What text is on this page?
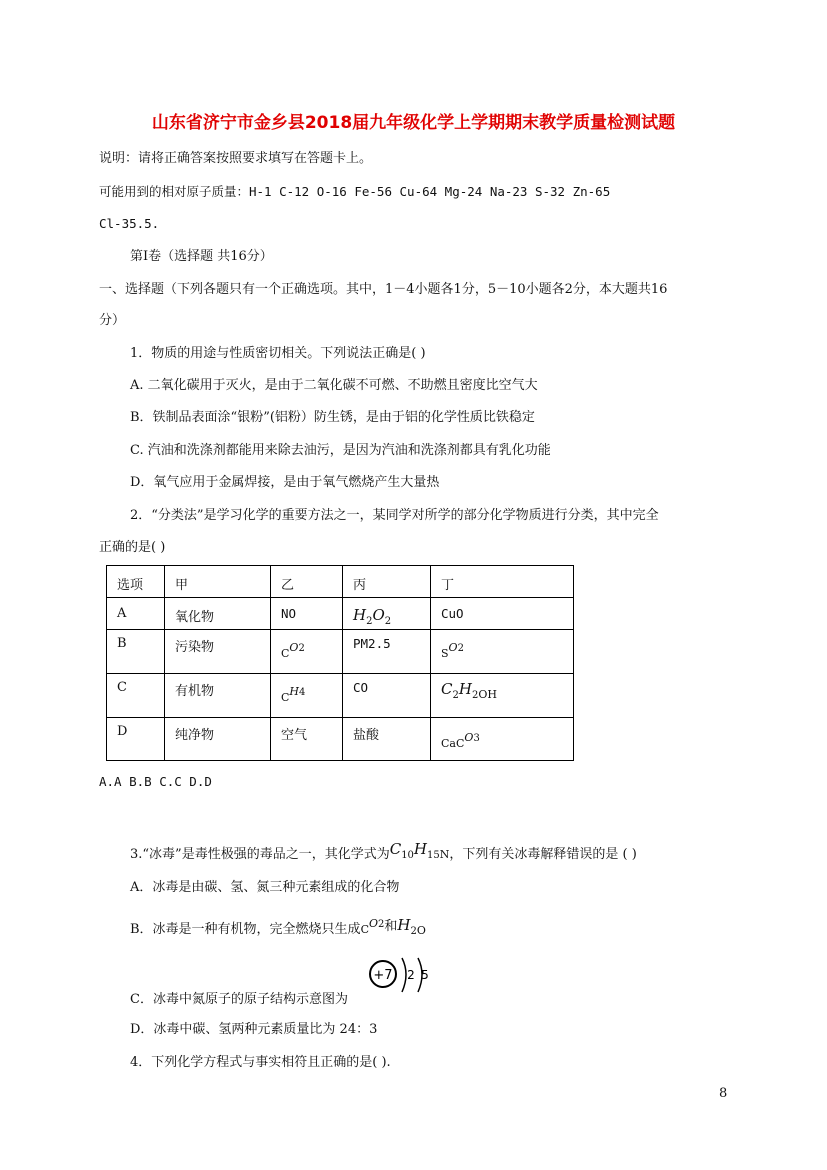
山东省济宁市金乡县2018届九年级化学上学期期末教学质量检测试题
说明：请将正确答案按照要求填写在答题卡上。
可能用到的相对原子质量：H-1 C-12 O-16 Fe-56 Cu-64 Mg-24 Na-23 S-32 Zn-65
Cl-35.5.
第Ⅰ卷（选择题 共16分）
一、选择题（下列各题只有一个正确选项。其中，1－4小题各1分，5－10小题各2分，本大题共16
分）
1．物质的用途与性质密切相关。下列说法正确是( )
A. 二氧化碳用于灭火，是由于二氧化碳不可燃、不助燃且密度比空气大
B．铁制品表面涂“银粉”(铝粉）防生锈，是由于铝的化学性质比铁稳定
C. 汽油和洗涤剂都能用来除去油污，是因为汽油和洗涤剂都具有乳化功能
D．氧气应用于金属焊接，是由于氧气燃烧产生大量热
2．“分类法”是学习化学的重要方法之一，某同学对所学的部分化学物质进行分类，其中完全
正确的是( )
选项	甲	乙	丙	丁
A	氧化物	NO	$H_2O_2$	CuO
B	污染物	$C^{O2}$	PM2.5	$S^{O2}$
C	有机物	$C^{H4}$	CO	$C_2H_{2OH}$
D	纯净物	空气	盐酸	CaC$^{O3}$
A.A B.B C.C D.D
3.“冰毒”是毒性极强的毒品之一，其化学式为$C_{10}H_{15N}$，下列有关冰毒解释错误的是 ( )
A．冰毒是由碳、氢、氮三种元素组成的化合物
B．冰毒是一种有机物，完全燃烧只生成$C^{O2}$和$H_{2O}$
C．冰毒中氮原子的原子结构示意图为
+7 2 5
D．冰毒中碳、氢两种元素质量比为 24：3
4．下列化学方程式与事实相符且正确的是( ).
8
